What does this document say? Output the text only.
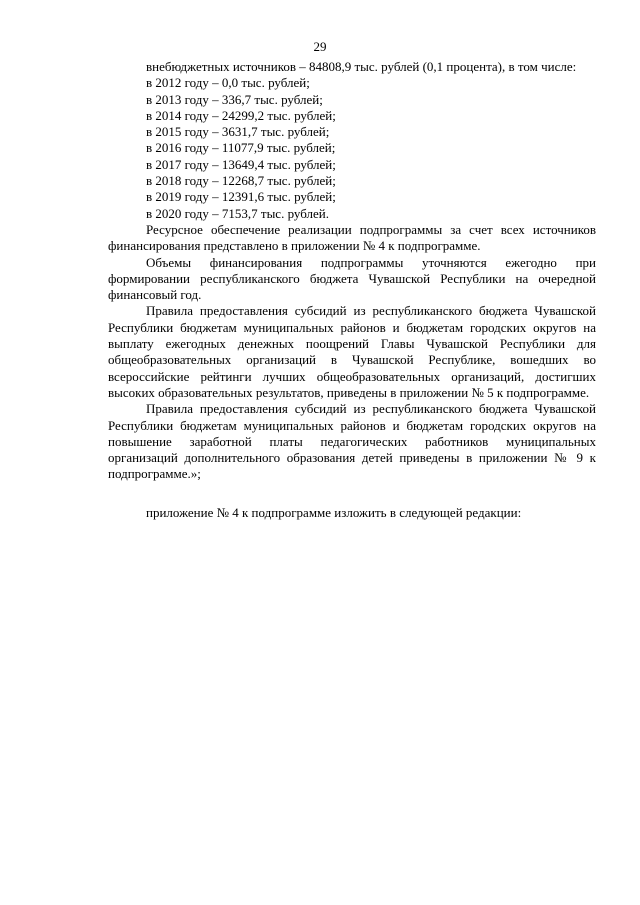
29

внебюджетных источников – 84808,9 тыс. рублей (0,1 процента), в том числе:

в 2012 году – 0,0 тыс. рублей;

в 2013 году – 336,7 тыс. рублей;

в 2014 году – 24299,2 тыс. рублей;

в 2015 году – 3631,7 тыс. рублей;

в 2016 году – 11077,9 тыс. рублей;

в 2017 году – 13649,4 тыс. рублей;

в 2018 году – 12268,7 тыс. рублей;

в 2019 году – 12391,6 тыс. рублей;

в 2020 году – 7153,7 тыс. рублей.

Ресурсное обеспечение реализации подпрограммы за счет всех источников финансирования представлено в приложении № 4 к подпрограмме.

Объемы финансирования подпрограммы уточняются ежегодно при формировании республиканского бюджета Чувашской Республики на очередной финансовый год.

Правила предоставления субсидий из республиканского бюджета Чувашской Республики бюджетам муниципальных районов и бюджетам городских округов на выплату ежегодных денежных поощрений Главы Чувашской Республики для общеобразовательных организаций в Чувашской Республике, вошедших во всероссийские рейтинги лучших общеобразовательных организаций, достигших высоких образовательных результатов, приведены в приложении № 5 к подпрограмме.

Правила предоставления субсидий из республиканского бюджета Чувашской Республики бюджетам муниципальных районов и бюджетам городских округов на повышение заработной платы педагогических работников муниципальных организаций дополнительного образования детей приведены в приложении № 9 к подпрограмме.»;

приложение № 4 к подпрограмме изложить в следующей редакции:
